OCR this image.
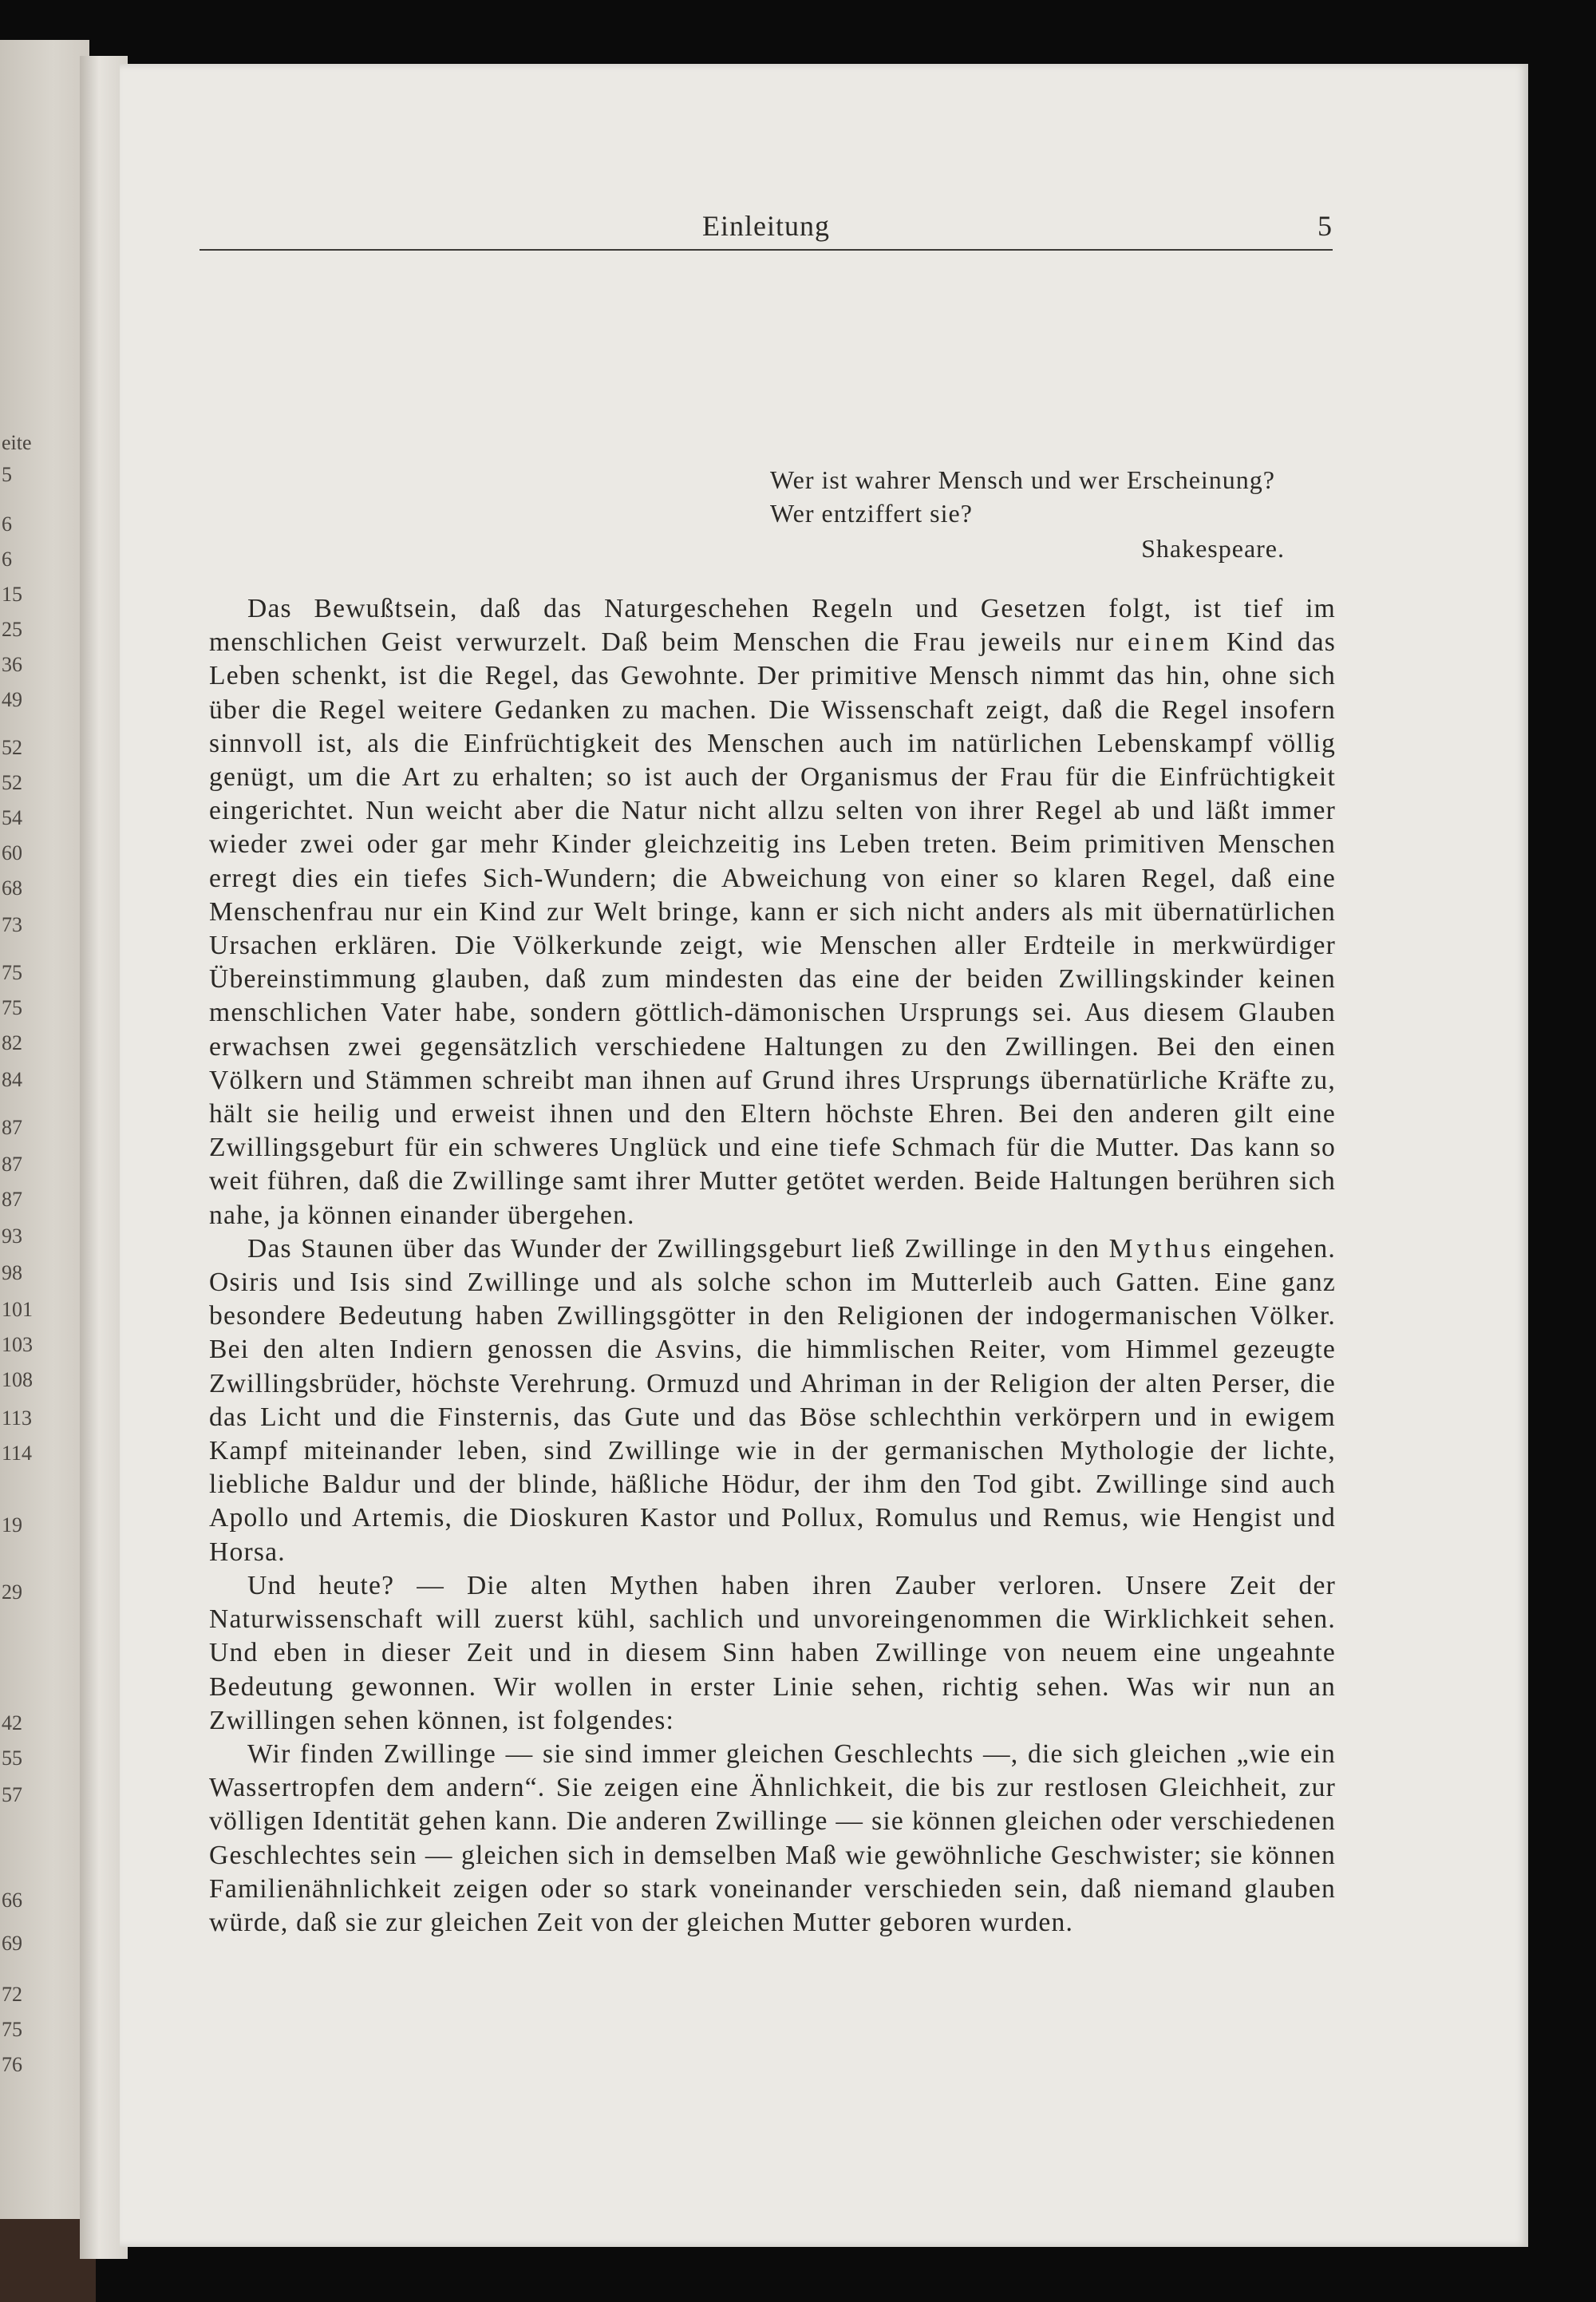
eite
5
6
6
15
25
36
49
52
52
54
60
68
73
75
75
82
84
87
87
87
93
98
101
103
108
113
114
19
29
42
55
57
66
69
72
75
76
Einleitung	5
Wer ist wahrer Mensch und wer Erscheinung?
Wer entziffert sie?
Shakespeare.

Das Bewußtsein, daß das Naturgeschehen Regeln und Gesetzen folgt, ist tief im menschlichen Geist verwurzelt. Daß beim Menschen die Frau jeweils nur einem Kind das Leben schenkt, ist die Regel, das Gewohnte. Der primitive Mensch nimmt das hin, ohne sich über die Regel weitere Gedanken zu machen. Die Wissenschaft zeigt, daß die Regel insofern sinnvoll ist, als die Einfrüchtigkeit des Menschen auch im natürlichen Lebenskampf völlig genügt, um die Art zu erhalten; so ist auch der Organismus der Frau für die Einfrüchtigkeit eingerichtet. Nun weicht aber die Natur nicht allzu selten von ihrer Regel ab und läßt immer wieder zwei oder gar mehr Kinder gleichzeitig ins Leben treten. Beim primitiven Menschen erregt dies ein tiefes Sich-Wundern; die Abweichung von einer so klaren Regel, daß eine Menschenfrau nur ein Kind zur Welt bringe, kann er sich nicht anders als mit übernatürlichen Ursachen erklären. Die Völkerkunde zeigt, wie Menschen aller Erdteile in merkwürdiger Übereinstimmung glauben, daß zum mindesten das eine der beiden Zwillingskinder keinen menschlichen Vater habe, sondern göttlich-dämonischen Ursprungs sei. Aus diesem Glauben erwachsen zwei gegensätzlich verschiedene Haltungen zu den Zwillingen. Bei den einen Völkern und Stämmen schreibt man ihnen auf Grund ihres Ursprungs übernatürliche Kräfte zu, hält sie heilig und erweist ihnen und den Eltern höchste Ehren. Bei den anderen gilt eine Zwillingsgeburt für ein schweres Unglück und eine tiefe Schmach für die Mutter. Das kann so weit führen, daß die Zwillinge samt ihrer Mutter getötet werden. Beide Haltungen berühren sich nahe, ja können einander übergehen.

Das Staunen über das Wunder der Zwillingsgeburt ließ Zwillinge in den Mythus eingehen. Osiris und Isis sind Zwillinge und als solche schon im Mutterleib auch Gatten. Eine ganz besondere Bedeutung haben Zwillingsgötter in den Religionen der indogermanischen Völker. Bei den alten Indiern genossen die Asvins, die himmlischen Reiter, vom Himmel gezeugte Zwillingsbrüder, höchste Verehrung. Ormuzd und Ahriman in der Religion der alten Perser, die das Licht und die Finsternis, das Gute und das Böse schlechthin verkörpern und in ewigem Kampf miteinander leben, sind Zwillinge wie in der germanischen Mythologie der lichte, liebliche Baldur und der blinde, häßliche Hödur, der ihm den Tod gibt. Zwillinge sind auch Apollo und Artemis, die Dioskuren Kastor und Pollux, Romulus und Remus, wie Hengist und Horsa.

Und heute? — Die alten Mythen haben ihren Zauber verloren. Unsere Zeit der Naturwissenschaft will zuerst kühl, sachlich und unvoreingenommen die Wirklichkeit sehen. Und eben in dieser Zeit und in diesem Sinn haben Zwillinge von neuem eine ungeahnte Bedeutung gewonnen. Wir wollen in erster Linie sehen, richtig sehen. Was wir nun an Zwillingen sehen können, ist folgendes:

Wir finden Zwillinge — sie sind immer gleichen Geschlechts —, die sich gleichen „wie ein Wassertropfen dem andern“. Sie zeigen eine Ähnlichkeit, die bis zur restlosen Gleichheit, zur völligen Identität gehen kann. Die anderen Zwillinge — sie können gleichen oder verschiedenen Geschlechtes sein — gleichen sich in demselben Maß wie gewöhnliche Geschwister; sie können Familienähnlichkeit zeigen oder so stark voneinander verschieden sein, daß niemand glauben würde, daß sie zur gleichen Zeit von der gleichen Mutter geboren wurden.
